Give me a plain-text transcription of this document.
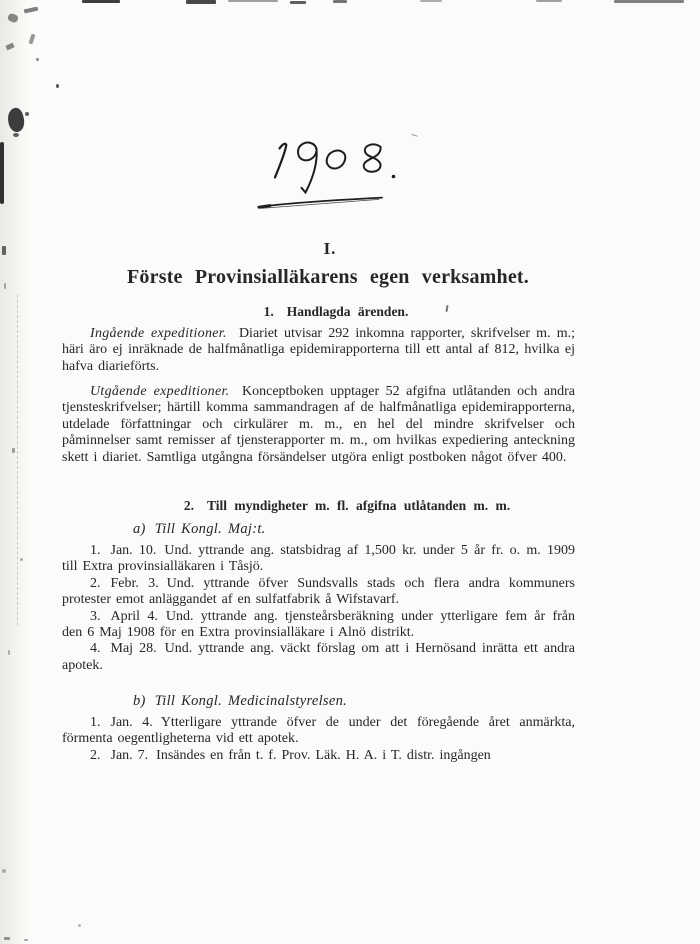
I.
Förste Provinsialläkarens egen verksamhet.
1. Handlagda ärenden.

Ingående expeditioner. Diariet utvisar 292 inkomna rapporter, skrifvelser m. m.; häri äro ej inräknade de halfmånatliga epidemirapporterna till ett antal af 812, hvilka ej hafva diarieförts.

Utgående expeditioner. Konceptboken upptager 52 afgifna utlåtanden och andra tjensteskrifvelser; härtill komma sammandragen af de halfmånatliga epidemirapporterna, utdelade författningar och cirkulärer m. m., en hel del mindre skrifvelser och påminnelser samt remisser af tjensterapporter m. m., om hvilkas expediering anteckning skett i diariet. Samtliga utgångna försändelser utgöra enligt postboken något öfver 400.

2. Till myndigheter m. fl. afgifna utlåtanden m. m.
a) Till Kongl. Maj:t.

1. Jan. 10. Und. yttrande ang. statsbidrag af 1,500 kr. under 5 år fr. o. m. 1909 till Extra provinsialläkaren i Tåsjö.

2. Febr. 3. Und. yttrande öfver Sundsvalls stads och flera andra kommuners protester emot anläggandet af en sulfatfabrik å Wifstavarf.

3. April 4. Und. yttrande ang. tjensteårsberäkning under ytterligare fem år från den 6 Maj 1908 för en Extra provinsialläkare i Alnö distrikt.

4. Maj 28. Und. yttrande ang. väckt förslag om att i Hernösand inrätta ett andra apotek.

b) Till Kongl. Medicinalstyrelsen.

1. Jan. 4. Ytterligare yttrande öfver de under det föregående året anmärkta, förmenta oegentligheterna vid ett apotek.

2. Jan. 7. Insändes en från t. f. Prov. Läk. H. A. i T. distr. ingången
